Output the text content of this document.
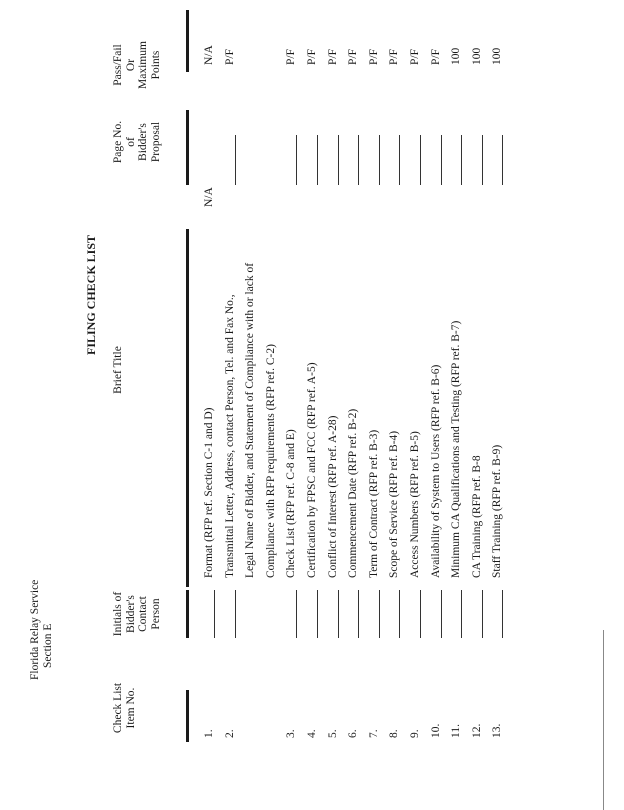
Florida Relay Service Section E
FILING CHECK LIST
Check List Item No.
Initials of Bidder's Contact Person
Brief Title
Page No. of Bidder's Proposal
Pass/Fail Or Maximum Points
1.
Format (RFP ref. Section C-1 and D)
N/A
N/A
2.
Transmittal Letter, Address, contact Person, Tel. and Fax No., Legal Name of Bidder, and Statement of Compliance with or lack of Compliance with RFP requirements (RFP ref. C-2)
P/F
3.
Check List (RFP ref. C-8 and E)
P/F
4.
Certification by FPSC and FCC (RFP ref. A-5)
P/F
5.
Conflict of Interest (RFP ref. A-28)
P/F
6.
Commencement Date (RFP ref. B-2)
P/F
7.
Term of Contract (RFP ref. B-3)
P/F
8.
Scope of Service (RFP ref. B-4)
P/F
9.
Access Numbers (RFP ref. B-5)
P/F
10.
Availability of System to Users (RFP ref. B-6)
P/F
11.
Minimum CA Qualifications and Testing (RFP ref. B-7)
100
12.
CA Training (RFP ref. B-8
100
13.
Staff Training (RFP ref. B-9)
100
